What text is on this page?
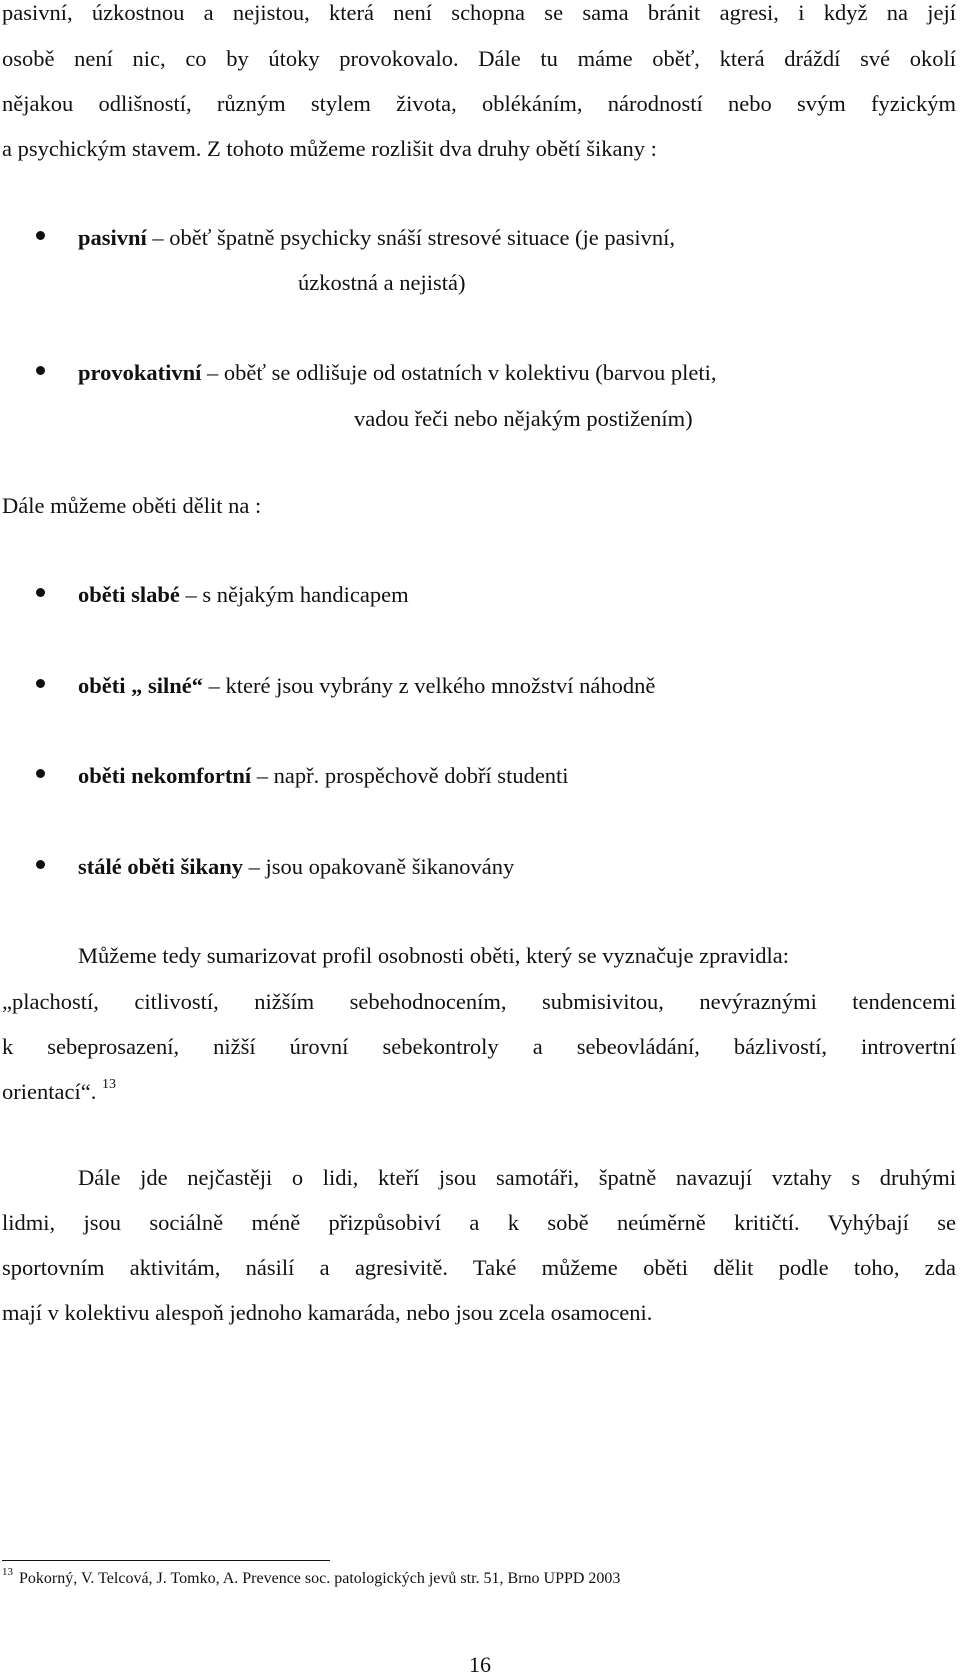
pasivní, úzkostnou a nejistou, která není schopna se sama bránit agresi, i když na její
osobě není nic, co by útoky provokovalo. Dále tu máme oběť, která dráždí své okolí
nějakou odlišností, různým stylem života, oblékáním, národností nebo svým fyzickým
a psychickým stavem. Z tohoto můžeme rozlišit dva druhy obětí šikany :
pasivní – oběť špatně psychicky snáší stresové situace (je pasivní,
úzkostná a nejistá)
provokativní – oběť se odlišuje od ostatních v kolektivu (barvou pleti,
vadou řeči nebo nějakým postižením)
Dále můžeme oběti dělit na :
oběti slabé – s nějakým handicapem
oběti „ silné“ – které jsou vybrány z velkého množství náhodně
oběti nekomfortní – např. prospěchově dobří studenti
stálé oběti šikany – jsou opakovaně šikanovány
Můžeme tedy sumarizovat profil osobnosti oběti, který se vyznačuje zpravidla:
„plachostí, citlivostí, nižším sebehodnocením, submisivitou, nevýraznými tendencemi
k sebeprosazení, nižší úrovní sebekontroly a sebeovládání, bázlivostí, introvertní
orientací“. $^{13}$
Dále jde nejčastěji o lidi, kteří jsou samotáři, špatně navazují vztahy s druhými
lidmi, jsou sociálně méně přizpůsobiví a k sobě neúměrně kritičtí. Vyhýbají se
sportovním aktivitám, násilí a agresivitě. Také můžeme oběti dělit podle toho, zda
mají v kolektivu alespoň jednoho kamaráda, nebo jsou zcela osamoceni.
$^{13}$ Pokorný, V. Telcová, J. Tomko, A. Prevence soc. patologických jevů str. 51, Brno UPPD 2003
16
